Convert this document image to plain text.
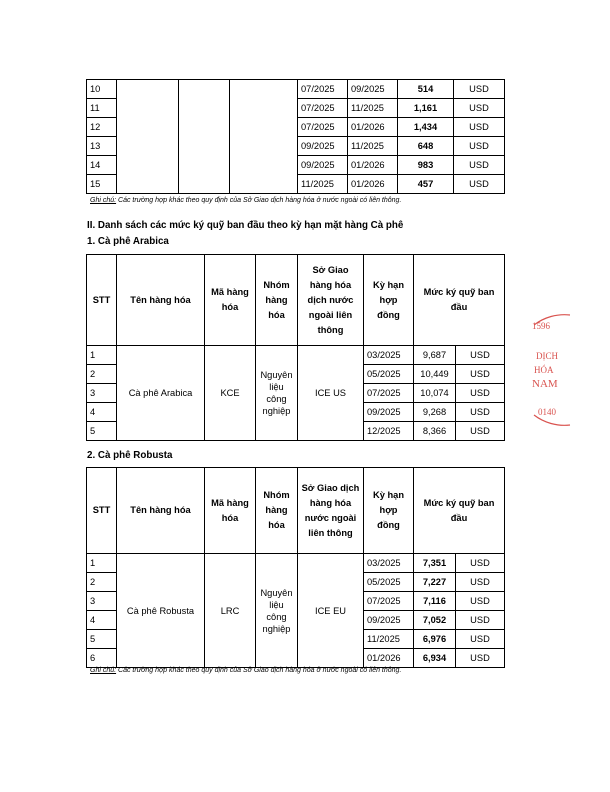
10				07/2025	09/2025	514	USD
11				07/2025	11/2025	1,161	USD
12				07/2025	01/2026	1,434	USD
13				09/2025	11/2025	648	USD
14				09/2025	01/2026	983	USD
15				11/2025	01/2026	457	USD
Ghi chú: Các trường hợp khác theo quy định của Sở Giao dịch hàng hóa ở nước ngoài có liên thông.
II. Danh sách các mức ký quỹ ban đầu theo kỳ hạn mặt hàng Cà phê
1. Cà phê Arabica
STT	Tên hàng hóa	Mã hàng hóa	Nhóm hàng hóa	Sở Giao hàng hóa dịch nước ngoài liên thông	Kỳ hạn hợp đồng	Mức ký quỹ ban đầu	
1	Cà phê Arabica	KCE	Nguyên liệu công nghiệp	ICE US	03/2025	9,687	USD
2					05/2025	10,449	USD
3					07/2025	10,074	USD
4					09/2025	9,268	USD
5					12/2025	8,366	USD
2. Cà phê Robusta
STT	Tên hàng hóa	Mã hàng hóa	Nhóm hàng hóa	Sở Giao dịch hàng hóa nước ngoài liên thông	Kỳ hạn hợp đồng	Mức ký quỹ ban đầu	
1	Cà phê Robusta	LRC	Nguyên liệu công nghiệp	ICE EU	03/2025	7,351	USD
2					05/2025	7,227	USD
3					07/2025	7,116	USD
4					09/2025	7,052	USD
5					11/2025	6,976	USD
6					01/2026	6,934	USD
Ghi chú: Các trường hợp khác theo quy định của Sở Giao dịch hàng hóa ở nước ngoài có liên thông.
1596
DỊCH
HÓA
NAM
0140
